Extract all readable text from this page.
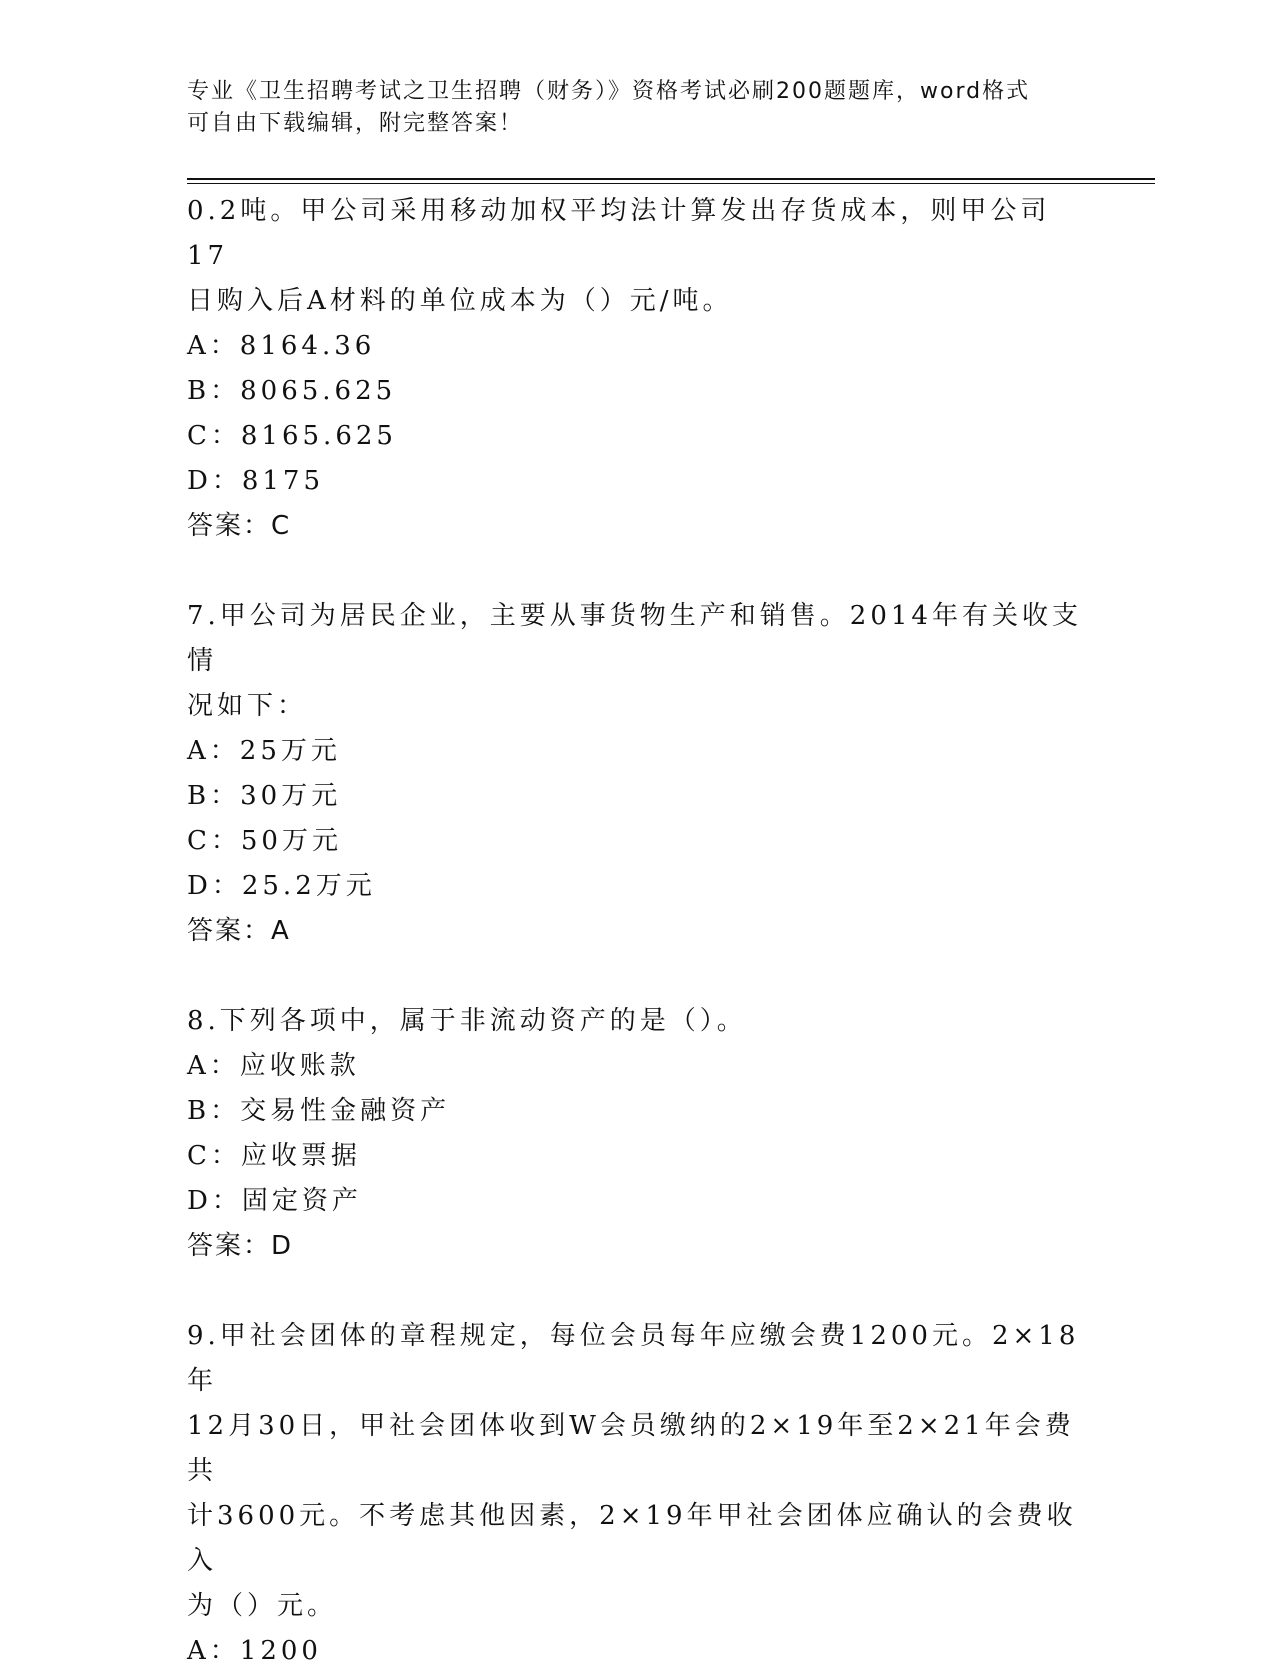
专业《卫生招聘考试之卫生招聘（财务）》资格考试必刷200题题库，word格式
可自由下载编辑，附完整答案！

0.2吨。甲公司采用移动加权平均法计算发出存货成本，则甲公司17

日购入后A材料的单位成本为（）元/吨。

A：8164.36

B：8065.625

C：8165.625

D：8175

答案：C

7.甲公司为居民企业，主要从事货物生产和销售。2014年有关收支情

况如下：

A：25万元

B：30万元

C：50万元

D：25.2万元

答案：A

8.下列各项中，属于非流动资产的是（）。

A：应收账款

B：交易性金融资产

C：应收票据

D：固定资产

答案：D

9.甲社会团体的章程规定，每位会员每年应缴会费1200元。2×18年

12月30日，甲社会团体收到W会员缴纳的2×19年至2×21年会费共

计3600元。不考虑其他因素，2×19年甲社会团体应确认的会费收入

为（）元。

A：1200
